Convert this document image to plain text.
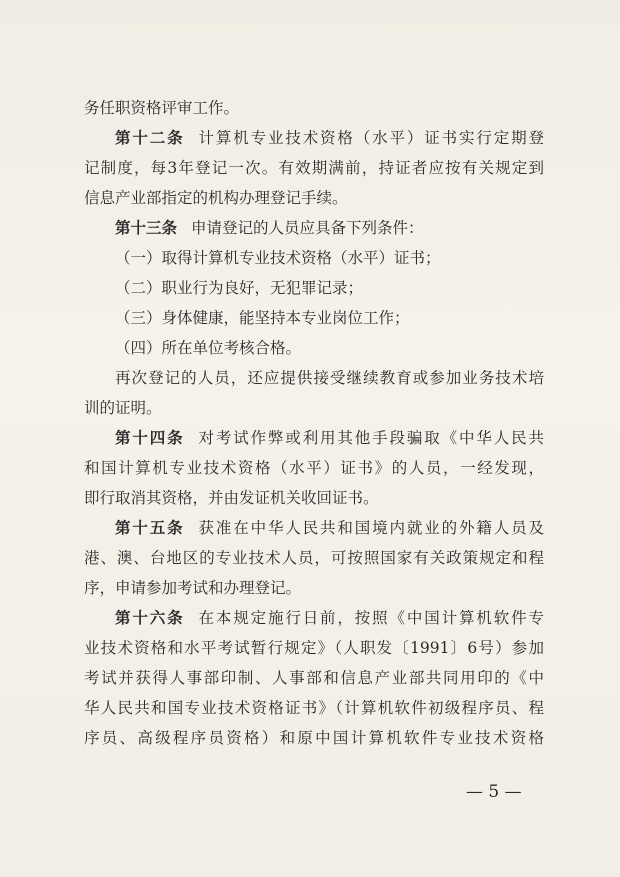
务任职资格评审工作。
第十二条 计算机专业技术资格（水平）证书实行定期登
记制度，每3年登记一次。有效期满前，持证者应按有关规定到
信息产业部指定的机构办理登记手续。
第十三条 申请登记的人员应具备下列条件：
（一）取得计算机专业技术资格（水平）证书；
（二）职业行为良好，无犯罪记录；
（三）身体健康，能坚持本专业岗位工作；
（四）所在单位考核合格。
再次登记的人员，还应提供接受继续教育或参加业务技术培
训的证明。
第十四条 对考试作弊或利用其他手段骗取《中华人民共
和国计算机专业技术资格（水平）证书》的人员，一经发现，
即行取消其资格，并由发证机关收回证书。
第十五条 获准在中华人民共和国境内就业的外籍人员及
港、澳、台地区的专业技术人员，可按照国家有关政策规定和程
序，申请参加考试和办理登记。
第十六条 在本规定施行日前，按照《中国计算机软件专
业技术资格和水平考试暂行规定》（人职发〔1991〕6号）参加
考试并获得人事部印制、人事部和信息产业部共同用印的《中
华人民共和国专业技术资格证书》（计算机软件初级程序员、程
序员、高级程序员资格）和原中国计算机软件专业技术资格
— 5 —
